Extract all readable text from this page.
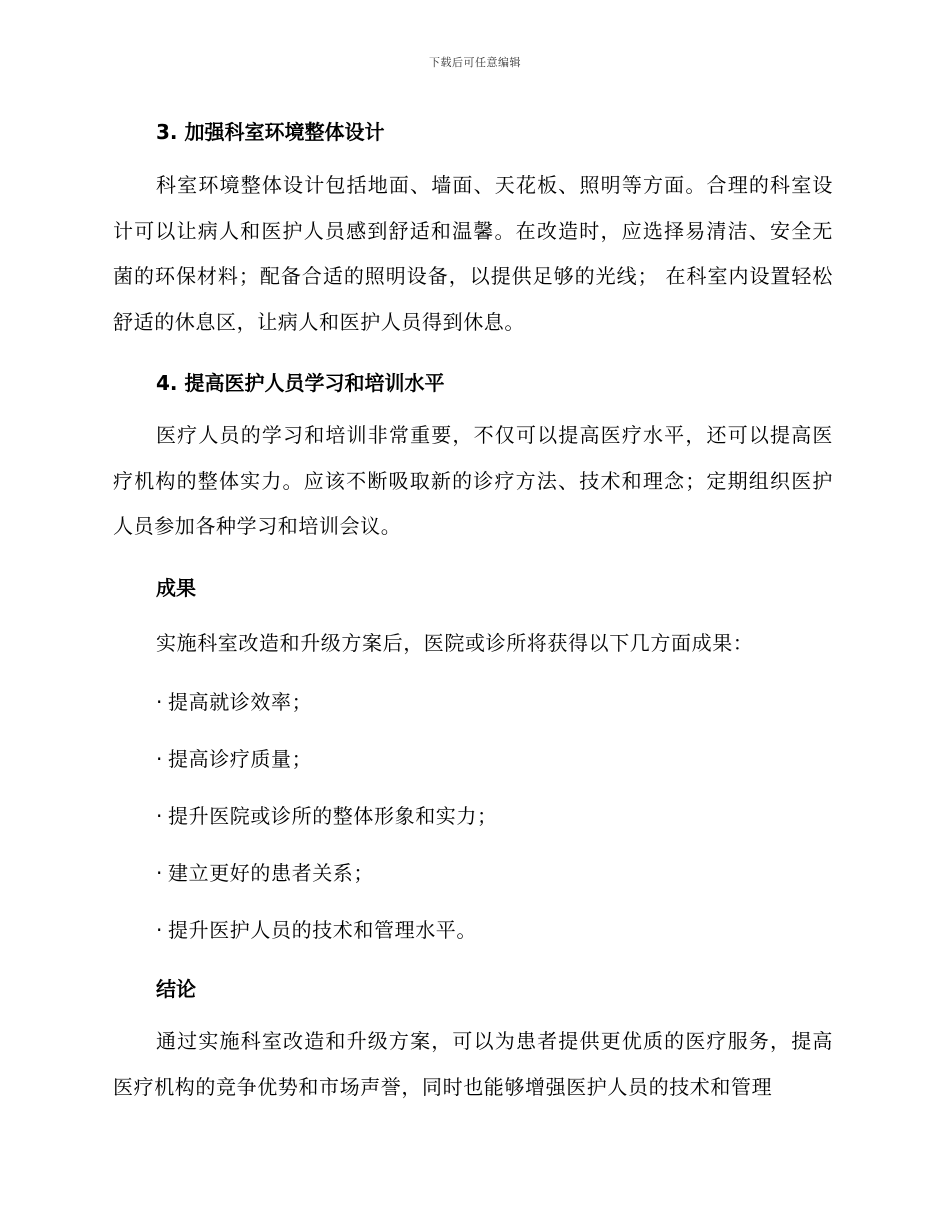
下载后可任意编辑
3. 加强科室环境整体设计
科室环境整体设计包括地面、墙面、天花板、照明等方面。合理的科室设计可以让病人和医护人员感到舒适和温馨。在改造时，应选择易清洁、安全无菌的环保材料；配备合适的照明设备，以提供足够的光线； 在科室内设置轻松舒适的休息区，让病人和医护人员得到休息。
4. 提高医护人员学习和培训水平
医疗人员的学习和培训非常重要，不仅可以提高医疗水平，还可以提高医疗机构的整体实力。应该不断吸取新的诊疗方法、技术和理念；定期组织医护人员参加各种学习和培训会议。
成果
实施科室改造和升级方案后，医院或诊所将获得以下几方面成果：
· 提高就诊效率；
· 提高诊疗质量；
· 提升医院或诊所的整体形象和实力；
· 建立更好的患者关系；
· 提升医护人员的技术和管理水平。
结论
通过实施科室改造和升级方案，可以为患者提供更优质的医疗服务，提高医疗机构的竞争优势和市场声誉，同时也能够增强医护人员的技术和管理
